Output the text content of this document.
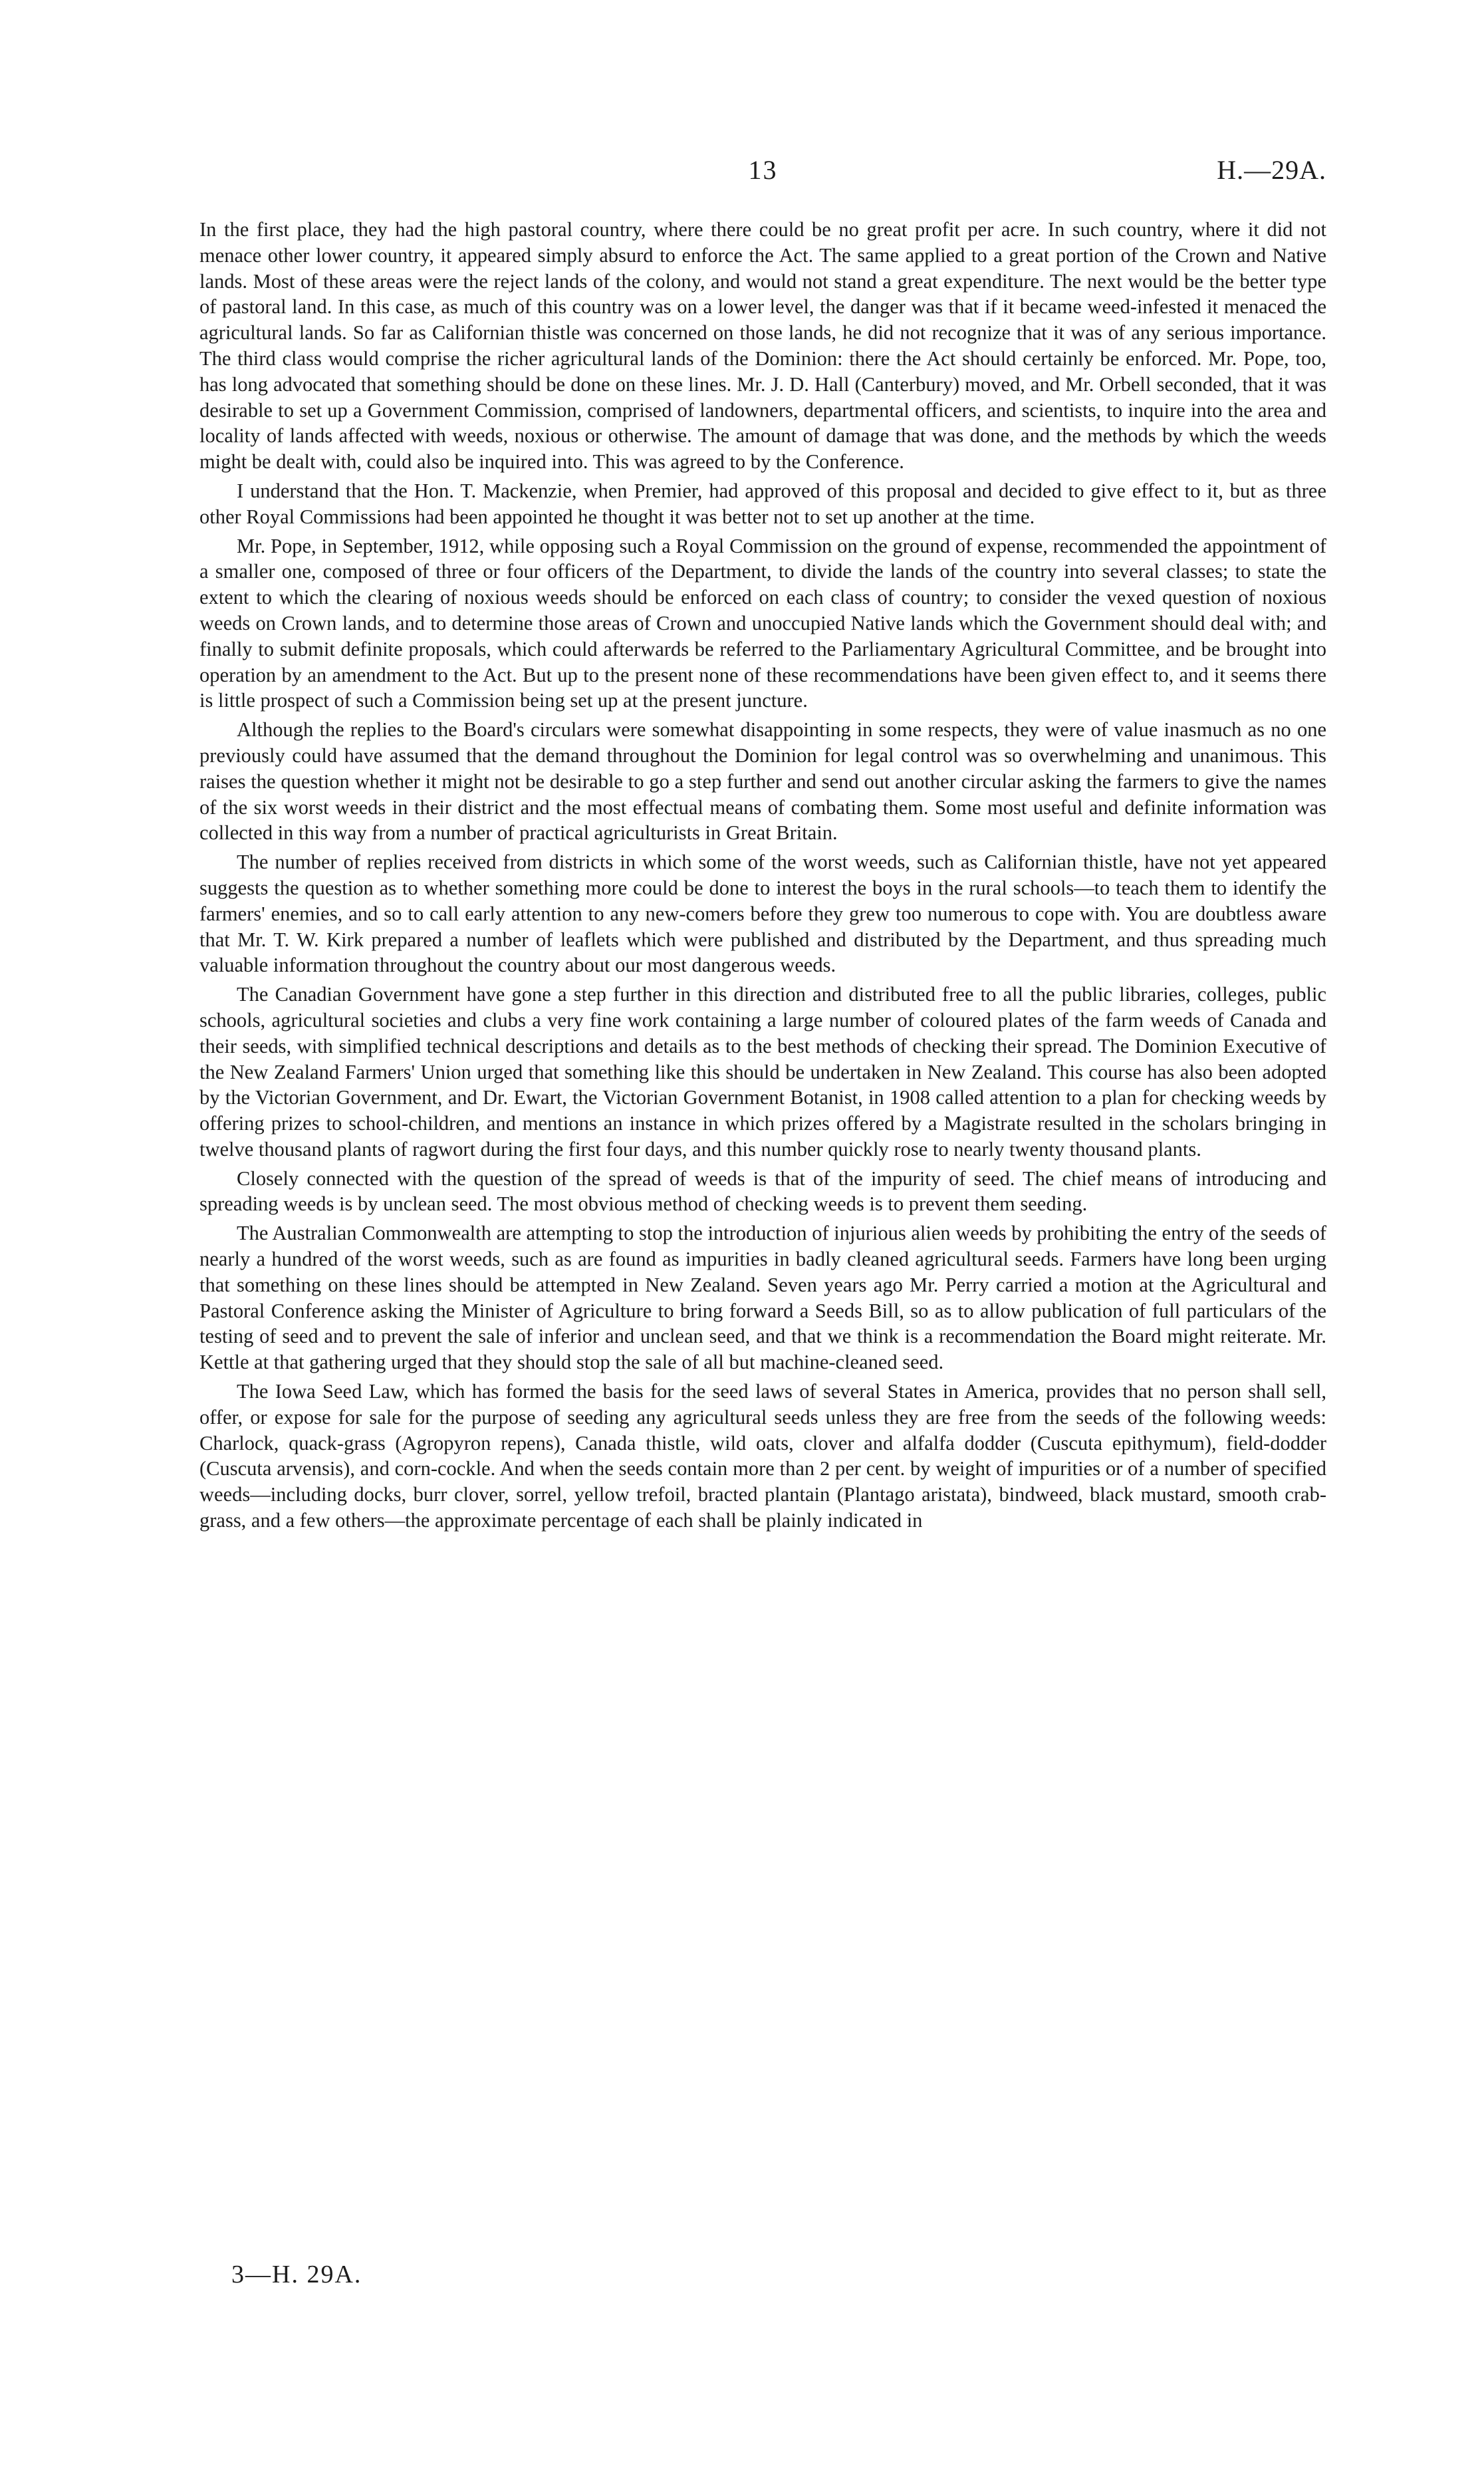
13	H.—29A.

In the first place, they had the high pastoral country, where there could be no great profit per acre. In such country, where it did not menace other lower country, it appeared simply absurd to enforce the Act. The same applied to a great portion of the Crown and Native lands. Most of these areas were the reject lands of the colony, and would not stand a great expenditure. The next would be the better type of pastoral land. In this case, as much of this country was on a lower level, the danger was that if it became weed-infested it menaced the agricultural lands. So far as Californian thistle was concerned on those lands, he did not recognize that it was of any serious importance. The third class would comprise the richer agricultural lands of the Dominion: there the Act should certainly be enforced. Mr. Pope, too, has long advocated that something should be done on these lines. Mr. J. D. Hall (Canterbury) moved, and Mr. Orbell seconded, that it was desirable to set up a Government Commission, comprised of landowners, departmental officers, and scientists, to inquire into the area and locality of lands affected with weeds, noxious or otherwise. The amount of damage that was done, and the methods by which the weeds might be dealt with, could also be inquired into. This was agreed to by the Conference.

I understand that the Hon. T. Mackenzie, when Premier, had approved of this proposal and decided to give effect to it, but as three other Royal Commissions had been appointed he thought it was better not to set up another at the time.

Mr. Pope, in September, 1912, while opposing such a Royal Commission on the ground of expense, recommended the appointment of a smaller one, composed of three or four officers of the Department, to divide the lands of the country into several classes; to state the extent to which the clearing of noxious weeds should be enforced on each class of country; to consider the vexed question of noxious weeds on Crown lands, and to determine those areas of Crown and unoccupied Native lands which the Government should deal with; and finally to submit definite proposals, which could afterwards be referred to the Parliamentary Agricultural Committee, and be brought into operation by an amendment to the Act. But up to the present none of these recommendations have been given effect to, and it seems there is little prospect of such a Commission being set up at the present juncture.

Although the replies to the Board's circulars were somewhat disappointing in some respects, they were of value inasmuch as no one previously could have assumed that the demand throughout the Dominion for legal control was so overwhelming and unanimous. This raises the question whether it might not be desirable to go a step further and send out another circular asking the farmers to give the names of the six worst weeds in their district and the most effectual means of combating them. Some most useful and definite information was collected in this way from a number of practical agriculturists in Great Britain.

The number of replies received from districts in which some of the worst weeds, such as Californian thistle, have not yet appeared suggests the question as to whether something more could be done to interest the boys in the rural schools—to teach them to identify the farmers' enemies, and so to call early attention to any new-comers before they grew too numerous to cope with. You are doubtless aware that Mr. T. W. Kirk prepared a number of leaflets which were published and distributed by the Department, and thus spreading much valuable information throughout the country about our most dangerous weeds.

The Canadian Government have gone a step further in this direction and distributed free to all the public libraries, colleges, public schools, agricultural societies and clubs a very fine work containing a large number of coloured plates of the farm weeds of Canada and their seeds, with simplified technical descriptions and details as to the best methods of checking their spread. The Dominion Executive of the New Zealand Farmers' Union urged that something like this should be undertaken in New Zealand. This course has also been adopted by the Victorian Government, and Dr. Ewart, the Victorian Government Botanist, in 1908 called attention to a plan for checking weeds by offering prizes to school-children, and mentions an instance in which prizes offered by a Magistrate resulted in the scholars bringing in twelve thousand plants of ragwort during the first four days, and this number quickly rose to nearly twenty thousand plants.

Closely connected with the question of the spread of weeds is that of the impurity of seed. The chief means of introducing and spreading weeds is by unclean seed. The most obvious method of checking weeds is to prevent them seeding.

The Australian Commonwealth are attempting to stop the introduction of injurious alien weeds by prohibiting the entry of the seeds of nearly a hundred of the worst weeds, such as are found as impurities in badly cleaned agricultural seeds. Farmers have long been urging that something on these lines should be attempted in New Zealand. Seven years ago Mr. Perry carried a motion at the Agricultural and Pastoral Conference asking the Minister of Agriculture to bring forward a Seeds Bill, so as to allow publication of full particulars of the testing of seed and to prevent the sale of inferior and unclean seed, and that we think is a recommendation the Board might reiterate. Mr. Kettle at that gathering urged that they should stop the sale of all but machine-cleaned seed.

The Iowa Seed Law, which has formed the basis for the seed laws of several States in America, provides that no person shall sell, offer, or expose for sale for the purpose of seeding any agricultural seeds unless they are free from the seeds of the following weeds: Charlock, quack-grass (Agropyron repens), Canada thistle, wild oats, clover and alfalfa dodder (Cuscuta epithymum), field-dodder (Cuscuta arvensis), and corn-cockle. And when the seeds contain more than 2 per cent. by weight of impurities or of a number of specified weeds—including docks, burr clover, sorrel, yellow trefoil, bracted plantain (Plantago aristata), bindweed, black mustard, smooth crab-grass, and a few others—the approximate percentage of each shall be plainly indicated in

3—H. 29A.
